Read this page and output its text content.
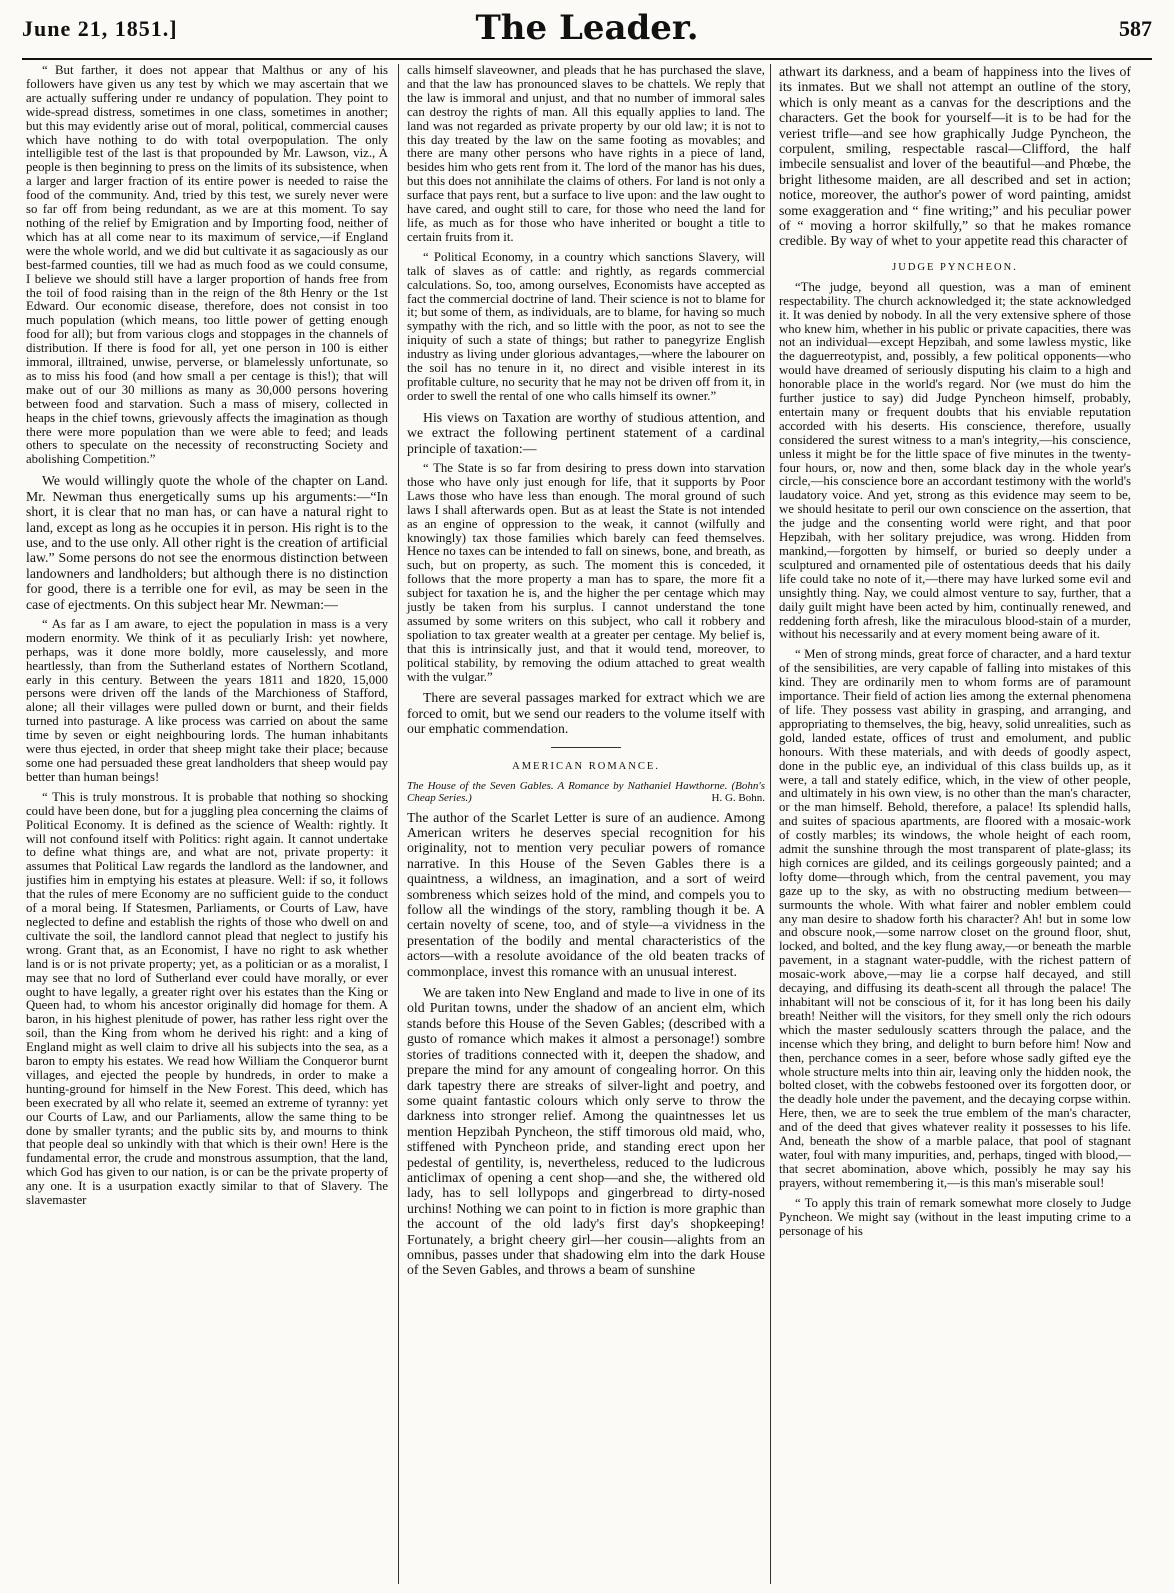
June 21, 1851.]	The Leader.	587

“ But farther, it does not appear that Malthus or any of his followers have given us any test by which we may ascertain that we are actually suffering under re undancy of population. They point to wide-spread distress, sometimes in one class, sometimes in another; but this may evidently arise out of moral, political, commercial causes which have nothing to do with total overpopulation. The only intelligible test of the last is that propounded by Mr. Lawson, viz., A people is then beginning to press on the limits of its subsistence, when a larger and larger fraction of its entire power is needed to raise the food of the community. And, tried by this test, we surely never were so far off from being redundant, as we are at this moment. To say nothing of the relief by Emigration and by Importing food, neither of which has at all come near to its maximum of service,—if England were the whole world, and we did but cultivate it as sagaciously as our best-farmed counties, till we had as much food as we could consume, I believe we should still have a larger proportion of hands free from the toil of food raising than in the reign of the 8th Henry or the 1st Edward. Our economic disease, therefore, does not consist in too much population (which means, too little power of getting enough food for all); but from various clogs and stoppages in the channels of distribution. If there is food for all, yet one person in 100 is either immoral, illtrained, unwise, perverse, or blamelessly unfortunate, so as to miss his food (and how small a per centage is this!); that will make out of our 30 millions as many as 30,000 persons hovering between food and starvation. Such a mass of misery, collected in heaps in the chief towns, grievously affects the imagination as though there were more population than we were able to feed; and leads others to speculate on the necessity of reconstructing Society and abolishing Competition.”

We would willingly quote the whole of the chapter on Land. Mr. Newman thus energetically sums up his arguments:—“In short, it is clear that no man has, or can have a natural right to land, except as long as he occupies it in person. His right is to the use, and to the use only. All other right is the creation of artificial law.” Some persons do not see the enormous distinction between landowners and landholders; but although there is no distinction for good, there is a terrible one for evil, as may be seen in the case of ejectments. On this subject hear Mr. Newman:—

“ As far as I am aware, to eject the population in mass is a very modern enormity. We think of it as peculiarly Irish: yet nowhere, perhaps, was it done more boldly, more causelessly, and more heartlessly, than from the Sutherland estates of Northern Scotland, early in this century. Between the years 1811 and 1820, 15,000 persons were driven off the lands of the Marchioness of Stafford, alone; all their villages were pulled down or burnt, and their fields turned into pasturage. A like process was carried on about the same time by seven or eight neighbouring lords. The human inhabitants were thus ejected, in order that sheep might take their place; because some one had persuaded these great landholders that sheep would pay better than human beings!

“ This is truly monstrous. It is probable that nothing so shocking could have been done, but for a juggling plea concerning the claims of Political Economy. It is defined as the science of Wealth: rightly. It will not confound itself with Politics: right again. It cannot undertake to define what things are, and what are not, private property: it assumes that Political Law regards the landlord as the landowner, and justifies him in emptying his estates at pleasure. Well: if so, it follows that the rules of mere Economy are no sufficient guide to the conduct of a moral being. If Statesmen, Parliaments, or Courts of Law, have neglected to define and establish the rights of those who dwell on and cultivate the soil, the landlord cannot plead that neglect to justify his wrong. Grant that, as an Economist, I have no right to ask whether land is or is not private property; yet, as a politician or as a moralist, I may see that no lord of Sutherland ever could have morally, or ever ought to have legally, a greater right over his estates than the King or Queen had, to whom his ancestor originally did homage for them. A baron, in his highest plenitude of power, has rather less right over the soil, than the King from whom he derived his right: and a king of England might as well claim to drive all his subjects into the sea, as a baron to empty his estates. We read how William the Conqueror burnt villages, and ejected the people by hundreds, in order to make a hunting-ground for himself in the New Forest. This deed, which has been execrated by all who relate it, seemed an extreme of tyranny: yet our Courts of Law, and our Parliaments, allow the same thing to be done by smaller tyrants; and the public sits by, and mourns to think that people deal so unkindly with that which is their own! Here is the fundamental error, the crude and monstrous assumption, that the land, which God has given to our nation, is or can be the private property of any one. It is a usurpation exactly similar to that of Slavery. The slavemaster

calls himself slaveowner, and pleads that he has purchased the slave, and that the law has pronounced slaves to be chattels. We reply that the law is immoral and unjust, and that no number of immoral sales can destroy the rights of man. All this equally applies to land. The land was not regarded as private property by our old law; it is not to this day treated by the law on the same footing as movables; and there are many other persons who have rights in a piece of land, besides him who gets rent from it. The lord of the manor has his dues, but this does not annihilate the claims of others. For land is not only a surface that pays rent, but a surface to live upon: and the law ought to have cared, and ought still to care, for those who need the land for life, as much as for those who have inherited or bought a title to certain fruits from it.

“ Political Economy, in a country which sanctions Slavery, will talk of slaves as of cattle: and rightly, as regards commercial calculations. So, too, among ourselves, Economists have accepted as fact the commercial doctrine of land. Their science is not to blame for it; but some of them, as individuals, are to blame, for having so much sympathy with the rich, and so little with the poor, as not to see the iniquity of such a state of things; but rather to panegyrize English industry as living under glorious advantages,—where the labourer on the soil has no tenure in it, no direct and visible interest in its profitable culture, no security that he may not be driven off from it, in order to swell the rental of one who calls himself its owner.”

His views on Taxation are worthy of studious attention, and we extract the following pertinent statement of a cardinal principle of taxation:—

“ The State is so far from desiring to press down into starvation those who have only just enough for life, that it supports by Poor Laws those who have less than enough. The moral ground of such laws I shall afterwards open. But as at least the State is not intended as an engine of oppression to the weak, it cannot (wilfully and knowingly) tax those families which barely can feed themselves. Hence no taxes can be intended to fall on sinews, bone, and breath, as such, but on property, as such. The moment this is conceded, it follows that the more property a man has to spare, the more fit a subject for taxation he is, and the higher the per centage which may justly be taken from his surplus. I cannot understand the tone assumed by some writers on this subject, who call it robbery and spoliation to tax greater wealth at a greater per centage. My belief is, that this is intrinsically just, and that it would tend, moreover, to political stability, by removing the odium attached to great wealth with the vulgar.”

There are several passages marked for extract which we are forced to omit, but we send our readers to the volume itself with our emphatic commendation.

AMERICAN ROMANCE.
The House of the Seven Gables. A Romance by Nathaniel Hawthorne. (Bohn's Cheap Series.)	H. G. Bohn.

The author of the Scarlet Letter is sure of an audience. Among American writers he deserves special recognition for his originality, not to mention very peculiar powers of romance narrative. In this House of the Seven Gables there is a quaintness, a wildness, an imagination, and a sort of weird sombreness which seizes hold of the mind, and compels you to follow all the windings of the story, rambling though it be. A certain novelty of scene, too, and of style—a vividness in the presentation of the bodily and mental characteristics of the actors—with a resolute avoidance of the old beaten tracks of commonplace, invest this romance with an unusual interest.

We are taken into New England and made to live in one of its old Puritan towns, under the shadow of an ancient elm, which stands before this House of the Seven Gables; (described with a gusto of romance which makes it almost a personage!) sombre stories of traditions connected with it, deepen the shadow, and prepare the mind for any amount of congealing horror. On this dark tapestry there are streaks of silver-light and poetry, and some quaint fantastic colours which only serve to throw the darkness into stronger relief. Among the quaintnesses let us mention Hepzibah Pyncheon, the stiff timorous old maid, who, stiffened with Pyncheon pride, and standing erect upon her pedestal of gentility, is, nevertheless, reduced to the ludicrous anticlimax of opening a cent shop—and she, the withered old lady, has to sell lollypops and gingerbread to dirty-nosed urchins! Nothing we can point to in fiction is more graphic than the account of the old lady's first day's shopkeeping! Fortunately, a bright cheery girl—her cousin—alights from an omnibus, passes under that shadowing elm into the dark House of the Seven Gables, and throws a beam of sunshine

athwart its darkness, and a beam of happiness into the lives of its inmates. But we shall not attempt an outline of the story, which is only meant as a canvas for the descriptions and the characters. Get the book for yourself—it is to be had for the veriest trifle—and see how graphically Judge Pyncheon, the corpulent, smiling, respectable rascal—Clifford, the half imbecile sensualist and lover of the beautiful—and Phœbe, the bright lithesome maiden, are all described and set in action; notice, moreover, the author's power of word painting, amidst some exaggeration and “ fine writing;” and his peculiar power of “ moving a horror skilfully,” so that he makes romance credible. By way of whet to your appetite read this character of

JUDGE PYNCHEON.

“The judge, beyond all question, was a man of eminent respectability. The church acknowledged it; the state acknowledged it. It was denied by nobody. In all the very extensive sphere of those who knew him, whether in his public or private capacities, there was not an individual—except Hepzibah, and some lawless mystic, like the daguerreotypist, and, possibly, a few political opponents—who would have dreamed of seriously disputing his claim to a high and honorable place in the world's regard. Nor (we must do him the further justice to say) did Judge Pyncheon himself, probably, entertain many or frequent doubts that his enviable reputation accorded with his deserts. His conscience, therefore, usually considered the surest witness to a man's integrity,—his conscience, unless it might be for the little space of five minutes in the twenty-four hours, or, now and then, some black day in the whole year's circle,—his conscience bore an accordant testimony with the world's laudatory voice. And yet, strong as this evidence may seem to be, we should hesitate to peril our own conscience on the assertion, that the judge and the consenting world were right, and that poor Hepzibah, with her solitary prejudice, was wrong. Hidden from mankind,—forgotten by himself, or buried so deeply under a sculptured and ornamented pile of ostentatious deeds that his daily life could take no note of it,—there may have lurked some evil and unsightly thing. Nay, we could almost venture to say, further, that a daily guilt might have been acted by him, continually renewed, and reddening forth afresh, like the miraculous blood-stain of a murder, without his necessarily and at every moment being aware of it.

“ Men of strong minds, great force of character, and a hard textur of the sensibilities, are very capable of falling into mistakes of this kind. They are ordinarily men to whom forms are of paramount importance. Their field of action lies among the external phenomena of life. They possess vast ability in grasping, and arranging, and appropriating to themselves, the big, heavy, solid unrealities, such as gold, landed estate, offices of trust and emolument, and public honours. With these materials, and with deeds of goodly aspect, done in the public eye, an individual of this class builds up, as it were, a tall and stately edifice, which, in the view of other people, and ultimately in his own view, is no other than the man's character, or the man himself. Behold, therefore, a palace! Its splendid halls, and suites of spacious apartments, are floored with a mosaic-work of costly marbles; its windows, the whole height of each room, admit the sunshine through the most transparent of plate-glass; its high cornices are gilded, and its ceilings gorgeously painted; and a lofty dome—through which, from the central pavement, you may gaze up to the sky, as with no obstructing medium between—surmounts the whole. With what fairer and nobler emblem could any man desire to shadow forth his character? Ah! but in some low and obscure nook,—some narrow closet on the ground floor, shut, locked, and bolted, and the key flung away,—or beneath the marble pavement, in a stagnant water-puddle, with the richest pattern of mosaic-work above,—may lie a corpse half decayed, and still decaying, and diffusing its death-scent all through the palace! The inhabitant will not be conscious of it, for it has long been his daily breath! Neither will the visitors, for they smell only the rich odours which the master sedulously scatters through the palace, and the incense which they bring, and delight to burn before him! Now and then, perchance comes in a seer, before whose sadly gifted eye the whole structure melts into thin air, leaving only the hidden nook, the bolted closet, with the cobwebs festooned over its forgotten door, or the deadly hole under the pavement, and the decaying corpse within. Here, then, we are to seek the true emblem of the man's character, and of the deed that gives whatever reality it possesses to his life. And, beneath the show of a marble palace, that pool of stagnant water, foul with many impurities, and, perhaps, tinged with blood,—that secret abomination, above which, possibly he may say his prayers, without remembering it,—is this man's miserable soul!

“ To apply this train of remark somewhat more closely to Judge Pyncheon. We might say (without in the least imputing crime to a personage of his
